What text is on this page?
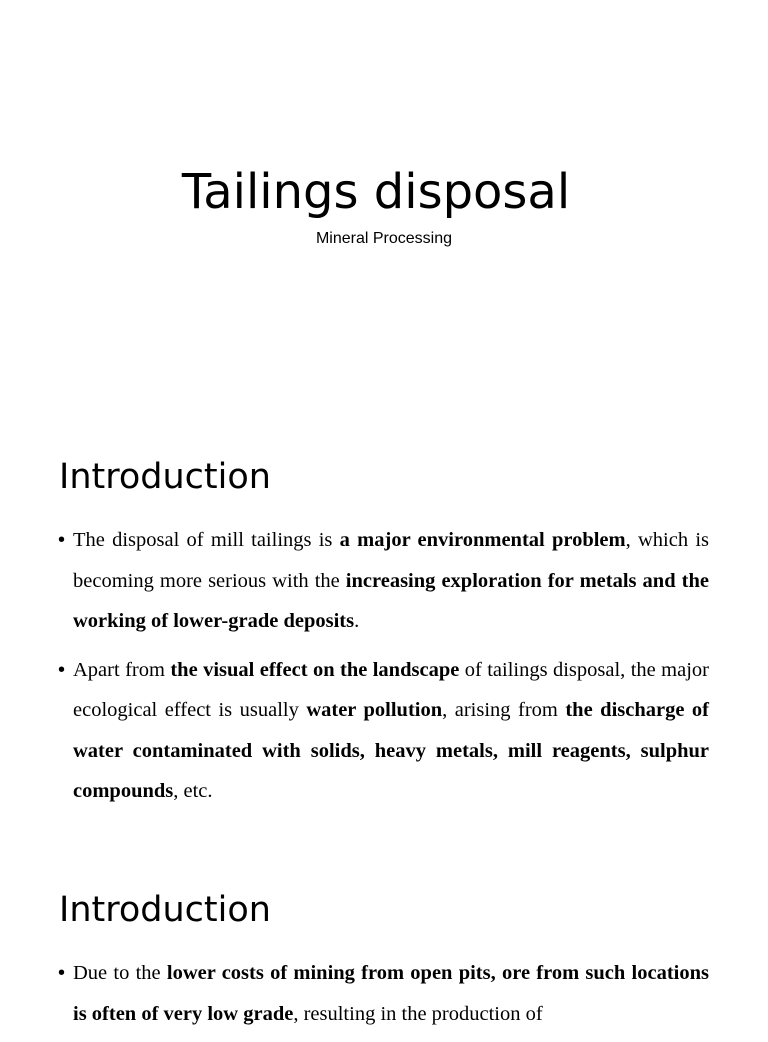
Tailings disposal
Mineral Processing
Introduction
• The disposal of mill tailings is a major environmental problem, which is becoming more serious with the increasing exploration for metals and the working of lower-grade deposits.
• Apart from the visual effect on the landscape of tailings disposal, the major ecological effect is usually water pollution, arising from the discharge of water contaminated with solids, heavy metals, mill reagents, sulphur compounds, etc.
Introduction
• Due to the lower costs of mining from open pits, ore from such locations is often of very low grade, resulting in the production of
